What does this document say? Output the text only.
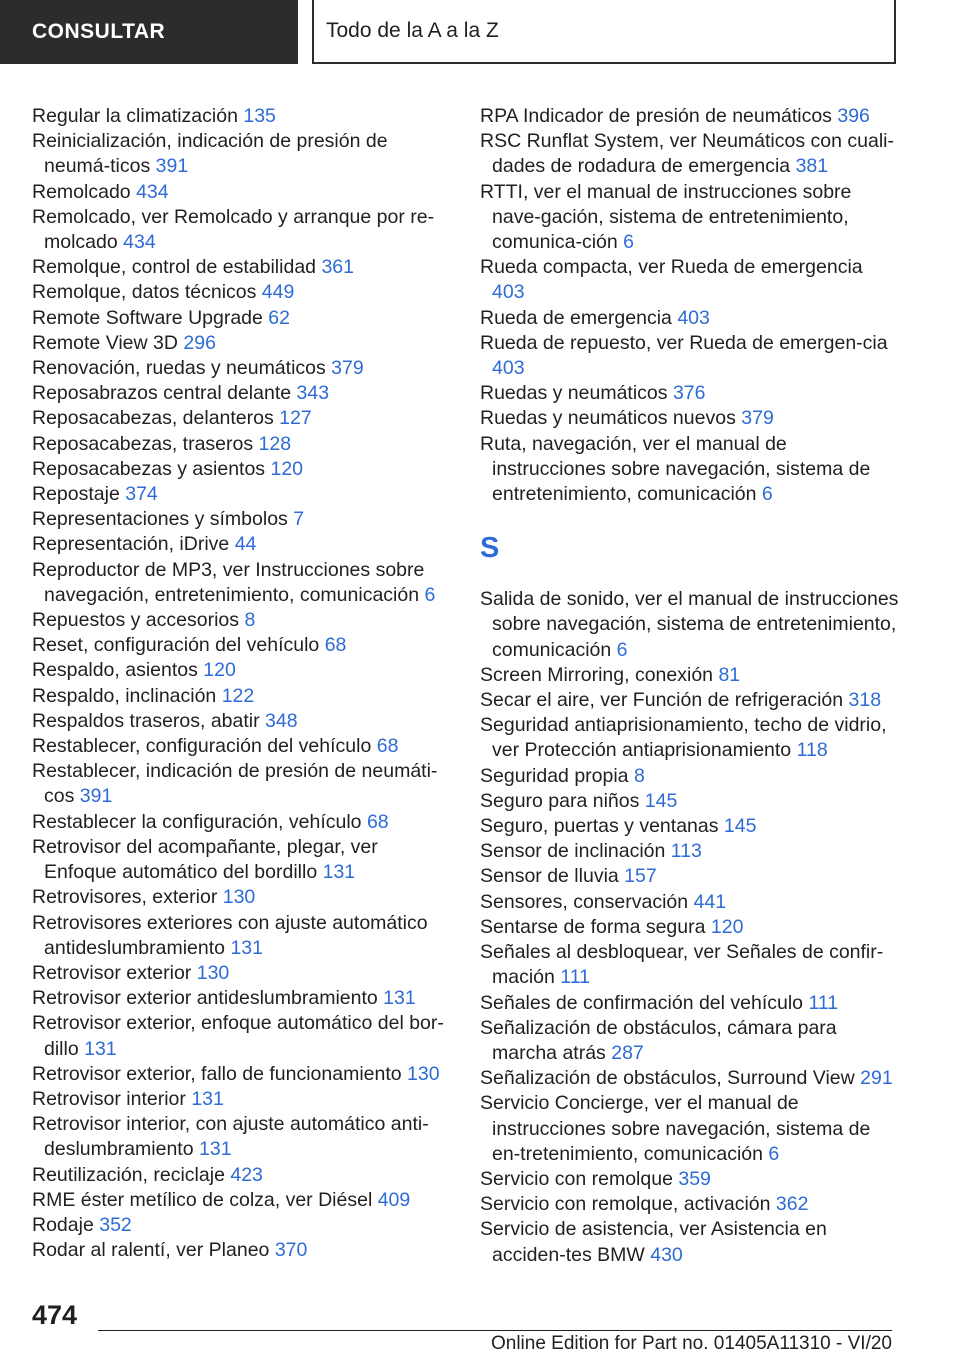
CONSULTAR	Todo de la A a la Z
Regular la climatización 135
Reinicialización, indicación de presión de neumá-ticos 391
Remolcado 434
Remolcado, ver Remolcado y arranque por re-molcado 434
Remolque, control de estabilidad 361
Remolque, datos técnicos 449
Remote Software Upgrade 62
Remote View 3D 296
Renovación, ruedas y neumáticos 379
Reposabrazos central delante 343
Reposacabezas, delanteros 127
Reposacabezas, traseros 128
Reposacabezas y asientos 120
Repostaje 374
Representaciones y símbolos 7
Representación, iDrive 44
Reproductor de MP3, ver Instrucciones sobre navegación, entretenimiento, comunicación 6
Repuestos y accesorios 8
Reset, configuración del vehículo 68
Respaldo, asientos 120
Respaldo, inclinación 122
Respaldos traseros, abatir 348
Restablecer, configuración del vehículo 68
Restablecer, indicación de presión de neumáti-cos 391
Restablecer la configuración, vehículo 68
Retrovisor del acompañante, plegar, ver Enfoque automático del bordillo 131
Retrovisores, exterior 130
Retrovisores exteriores con ajuste automático antideslumbramiento 131
Retrovisor exterior 130
Retrovisor exterior antideslumbramiento 131
Retrovisor exterior, enfoque automático del bor-dillo 131
Retrovisor exterior, fallo de funcionamiento 130
Retrovisor interior 131
Retrovisor interior, con ajuste automático anti-deslumbramiento 131
Reutilización, reciclaje 423
RME éster metílico de colza, ver Diésel 409
Rodaje 352
Rodar al ralentí, ver Planeo 370
RPA Indicador de presión de neumáticos 396
RSC Runflat System, ver Neumáticos con cuali-dades de rodadura de emergencia 381
RTTI, ver el manual de instrucciones sobre nave-gación, sistema de entretenimiento, comunica-ción 6
Rueda compacta, ver Rueda de emergencia 403
Rueda de emergencia 403
Rueda de repuesto, ver Rueda de emergen-cia 403
Ruedas y neumáticos 376
Ruedas y neumáticos nuevos 379
Ruta, navegación, ver el manual de instrucciones sobre navegación, sistema de entretenimiento, comunicación 6
S
Salida de sonido, ver el manual de instrucciones sobre navegación, sistema de entretenimiento, comunicación 6
Screen Mirroring, conexión 81
Secar el aire, ver Función de refrigeración 318
Seguridad antiaprisionamiento, techo de vidrio, ver Protección antiaprisionamiento 118
Seguridad propia 8
Seguro para niños 145
Seguro, puertas y ventanas 145
Sensor de inclinación 113
Sensor de lluvia 157
Sensores, conservación 441
Sentarse de forma segura 120
Señales al desbloquear, ver Señales de confir-mación 111
Señales de confirmación del vehículo 111
Señalización de obstáculos, cámara para marcha atrás 287
Señalización de obstáculos, Surround View 291
Servicio Concierge, ver el manual de instrucciones sobre navegación, sistema de en-tretenimiento, comunicación 6
Servicio con remolque 359
Servicio con remolque, activación 362
Servicio de asistencia, ver Asistencia en acciden-tes BMW 430
474
Online Edition for Part no. 01405A11310 - VI/20
